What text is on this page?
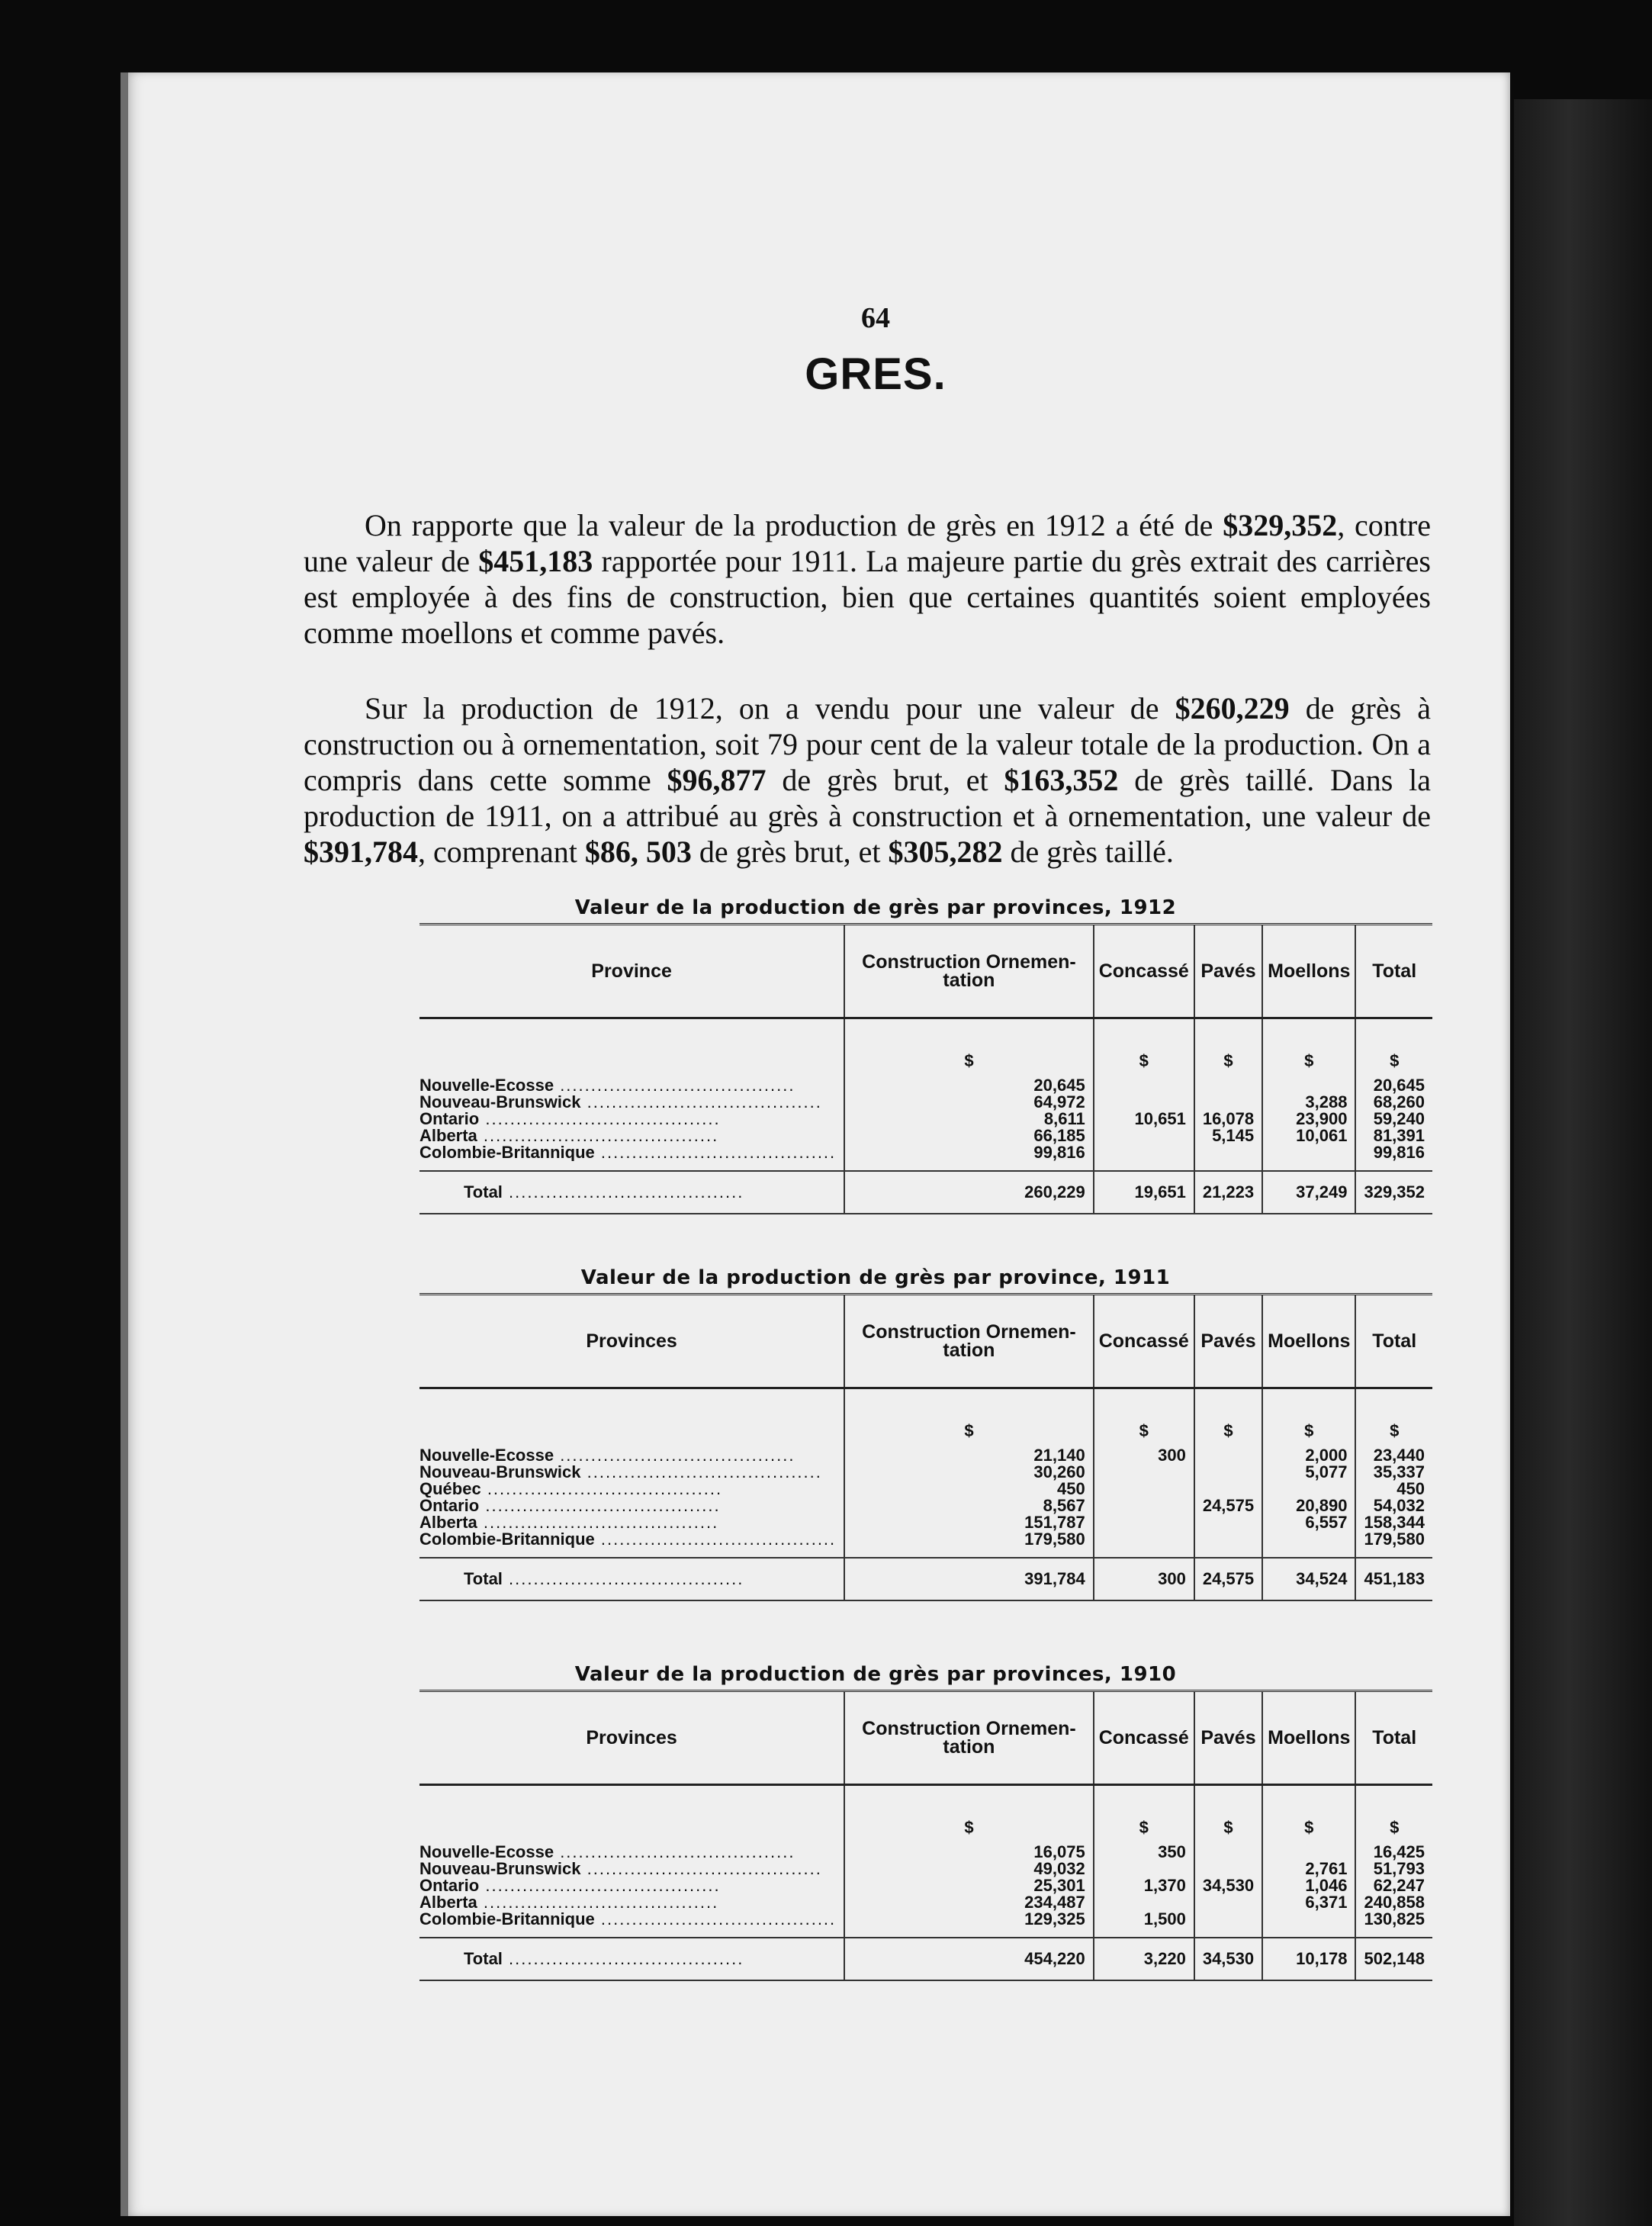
64
GRES.

On rapporte que la valeur de la production de grès en 1912 a été de $329,352, contre une valeur de $451,183 rapportée pour 1911. La majeure partie du grès extrait des carrières est employée à des fins de construction, bien que certaines quantités soient employées comme moellons et comme pavés.

Sur la production de 1912, on a vendu pour une valeur de $260,229 de grès à construction ou à ornementation, soit 79 pour cent de la valeur totale de la production. On a compris dans cette somme $96,877 de grès brut, et $163,352 de grès taillé. Dans la production de 1911, on a attribué au grès à construction et à ornementation, une valeur de $391,784, comprenant $86, 503 de grès brut, et $305,282 de grès taillé.

Valeur de la production de grès par provinces, 1912
Province	Construction Ornemen- tation	Concassé	Pavés	Moellons	Total
	$	$	$	$	$

Nouvelle-Ecosse .....	20,645				20,645

Nouveau-Brunswick .....	64,972			3,288	68,260

Ontario .....	8,611	10,651	16,078	23,900	59,240

Alberta .....	66,185		5,145	10,061	81,391

Colombie-Britannique .....	99,816				99,816

Total .....	260,229	19,651	21,223	37,249	329,352
Valeur de la production de grès par province, 1911
Provinces	Construction Ornemen- tation	Concassé	Pavés	Moellons	Total
	$	$	$	$	$

Nouvelle-Ecosse .....	21,140	300		2,000	23,440

Nouveau-Brunswick .....	30,260			5,077	35,337

Québec .....	450				450

Ontario .....	8,567		24,575	20,890	54,032

Alberta .....	151,787			6,557	158,344

Colombie-Britannique .....	179,580				179,580

Total .....	391,784	300	24,575	34,524	451,183
Valeur de la production de grès par provinces, 1910
Provinces	Construction Ornemen- tation	Concassé	Pavés	Moellons	Total
	$	$	$	$	$

Nouvelle-Ecosse .....	16,075	350			16,425

Nouveau-Brunswick .....	49,032			2,761	51,793

Ontario .....	25,301	1,370	34,530	1,046	62,247

Alberta .....	234,487			6,371	240,858

Colombie-Britannique .....	129,325	1,500			130,825

Total .....	454,220	3,220	34,530	10,178	502,148
